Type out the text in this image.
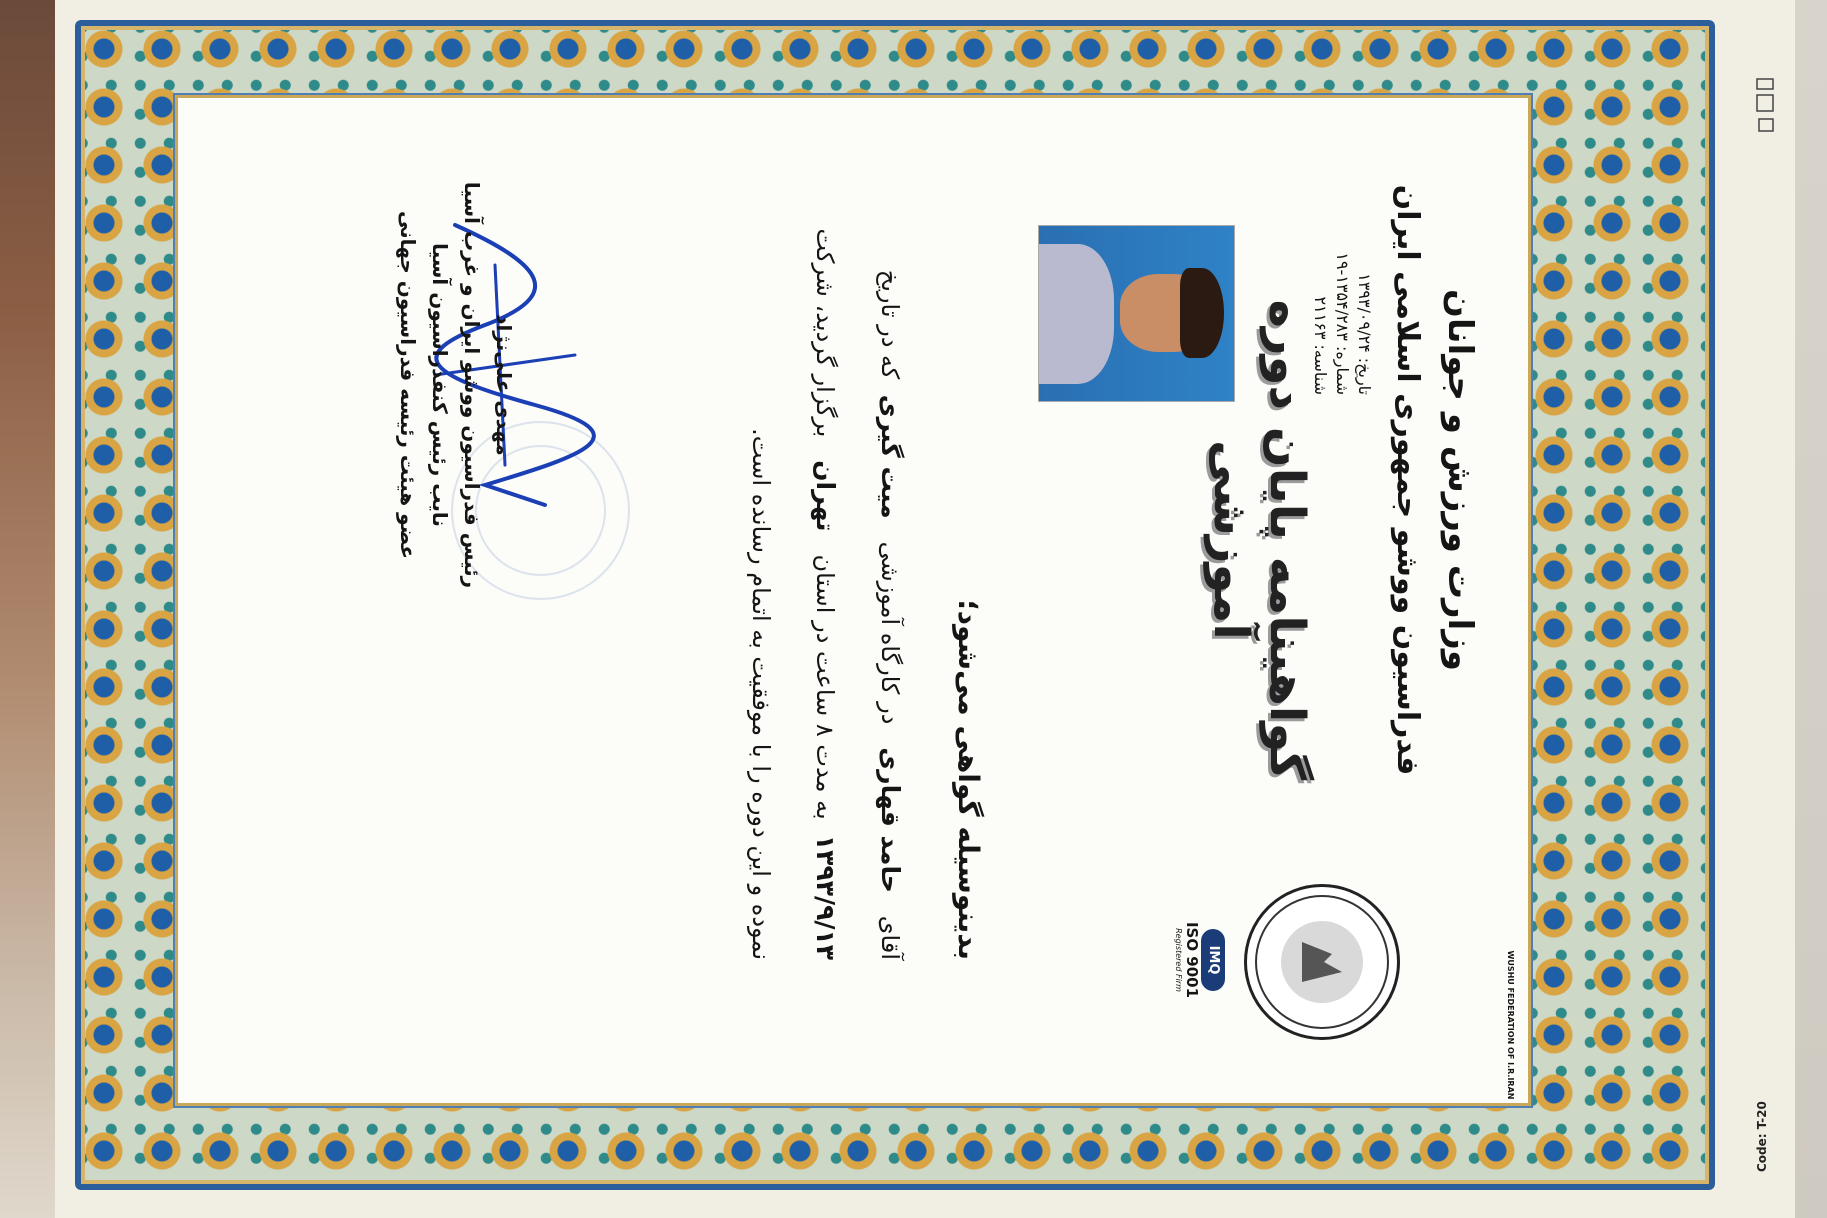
Code: T-20
وزارت ورزش و جوانان
فدراسیون ووشو جمهوری اسلامی ایران
تاریخ: ۱۳۹۳/۰۹/۲۴
شماره: ۱۹-۱۳۵۴/۲۸۳
شناسه: ۲۱۱۶۳
WUSHU FEDERATION OF I.R.IRAN
IMQ
ISO 9001
Registered Firm
گواهینامه پایان دوره آموزشی
بدینوسیله گواهی می‌شود؛
آقای   حامد قهاری   در کارگاه آموزشی   میت گیری  که در تاریخ
۱۳۹۳/۹/۱۳  به مدت ۸ ساعت در استان   تهران   برگزار گردید، شرکت
نموده و این دوره را با موفقیت به اتمام رسانده است.
مهدی علی‌نژاد
رئیس فدراسیون ووشو ایران و غرب آسیا
نایب رئیس کنفدراسیون آسیا
عضو هیئت رئیسه فدراسیون جهانی
